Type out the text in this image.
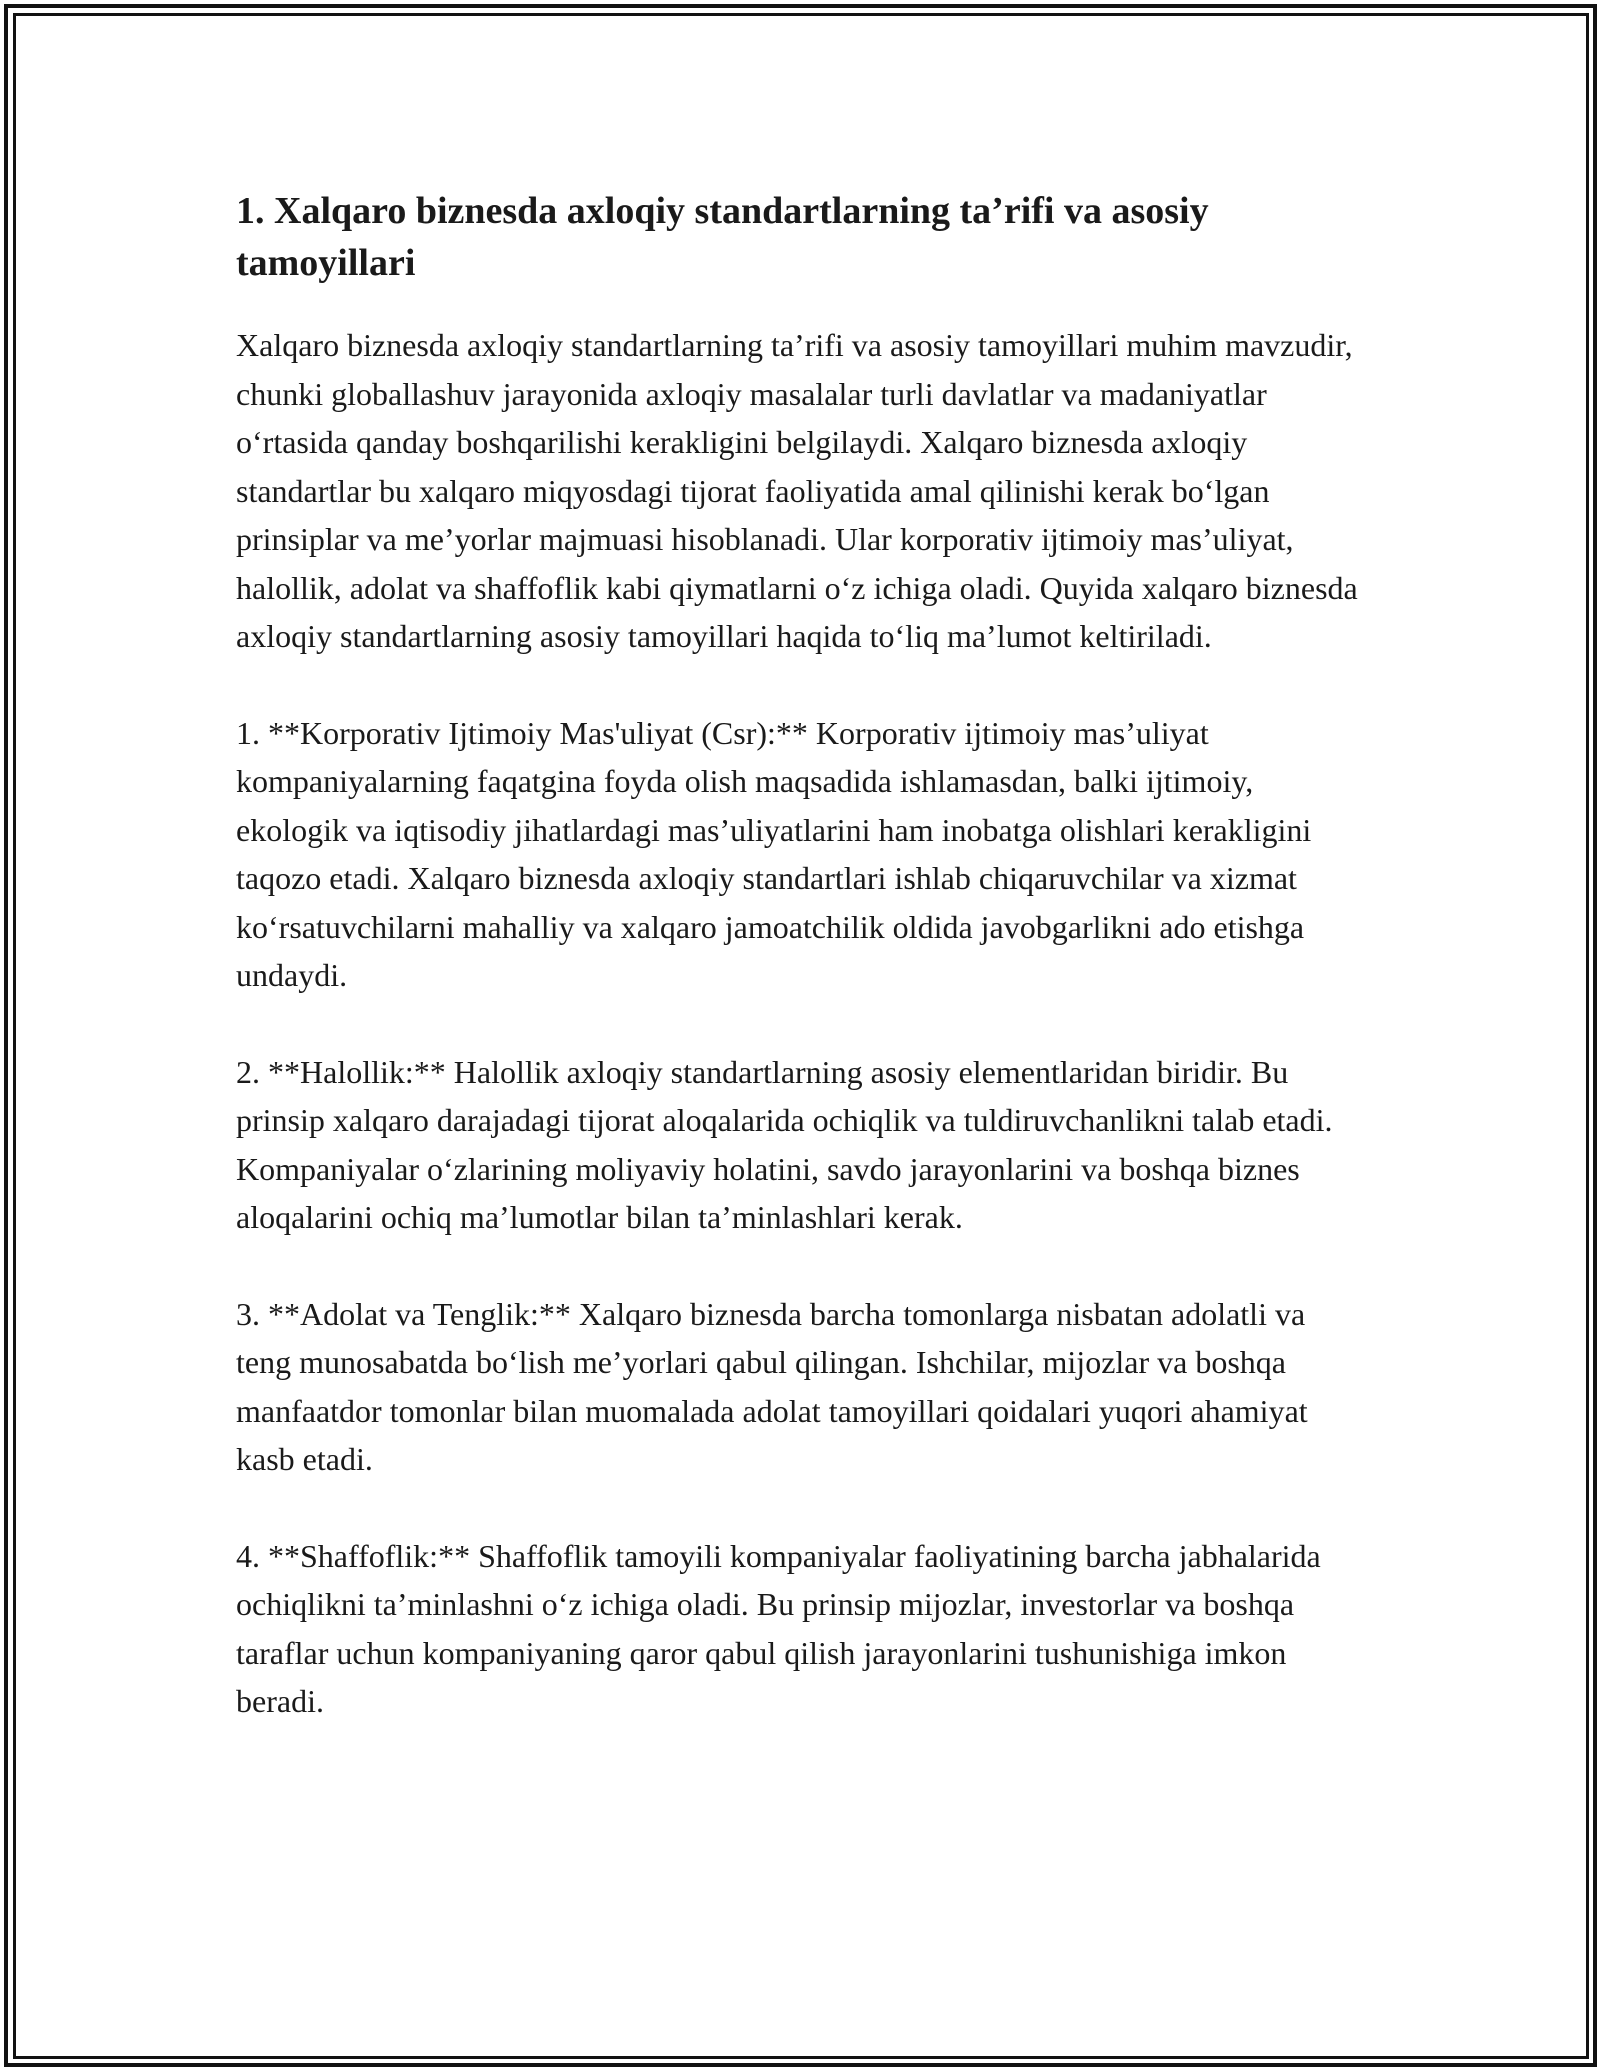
1. Xalqaro biznesda axloqiy standartlarning ta’rifi va asosiy tamoyillari

Xalqaro biznesda axloqiy standartlarning ta’rifi va asosiy tamoyillari muhim mavzudir, chunki globallashuv jarayonida axloqiy masalalar turli davlatlar va madaniyatlar o‘rtasida qanday boshqarilishi kerakligini belgilaydi. Xalqaro biznesda axloqiy standartlar bu xalqaro miqyosdagi tijorat faoliyatida amal qilinishi kerak bo‘lgan prinsiplar va me’yorlar majmuasi hisoblanadi. Ular korporativ ijtimoiy mas’uliyat, halollik, adolat va shaffoflik kabi qiymatlarni o‘z ichiga oladi. Quyida xalqaro biznesda axloqiy standartlarning asosiy tamoyillari haqida to‘liq ma’lumot keltiriladi.

1. **Korporativ Ijtimoiy Mas'uliyat (Csr):** Korporativ ijtimoiy mas’uliyat kompaniyalarning faqatgina foyda olish maqsadida ishlamasdan, balki ijtimoiy, ekologik va iqtisodiy jihatlardagi mas’uliyatlarini ham inobatga olishlari kerakligini taqozo etadi. Xalqaro biznesda axloqiy standartlari ishlab chiqaruvchilar va xizmat ko‘rsatuvchilarni mahalliy va xalqaro jamoatchilik oldida javobgarlikni ado etishga undaydi.

2. **Halollik:** Halollik axloqiy standartlarning asosiy elementlaridan biridir. Bu prinsip xalqaro darajadagi tijorat aloqalarida ochiqlik va tuldiruvchanlikni talab etadi. Kompaniyalar o‘zlarining moliyaviy holatini, savdo jarayonlarini va boshqa biznes aloqalarini ochiq ma’lumotlar bilan ta’minlashlari kerak.

3. **Adolat va Tenglik:** Xalqaro biznesda barcha tomonlarga nisbatan adolatli va teng munosabatda bo‘lish me’yorlari qabul qilingan. Ishchilar, mijozlar va boshqa manfaatdor tomonlar bilan muomalada adolat tamoyillari qoidalari yuqori ahamiyat kasb etadi.

4. **Shaffoflik:** Shaffoflik tamoyili kompaniyalar faoliyatining barcha jabhalarida ochiqlikni ta’minlashni o‘z ichiga oladi. Bu prinsip mijozlar, investorlar va boshqa taraflar uchun kompaniyaning qaror qabul qilish jarayonlarini tushunishiga imkon beradi.
